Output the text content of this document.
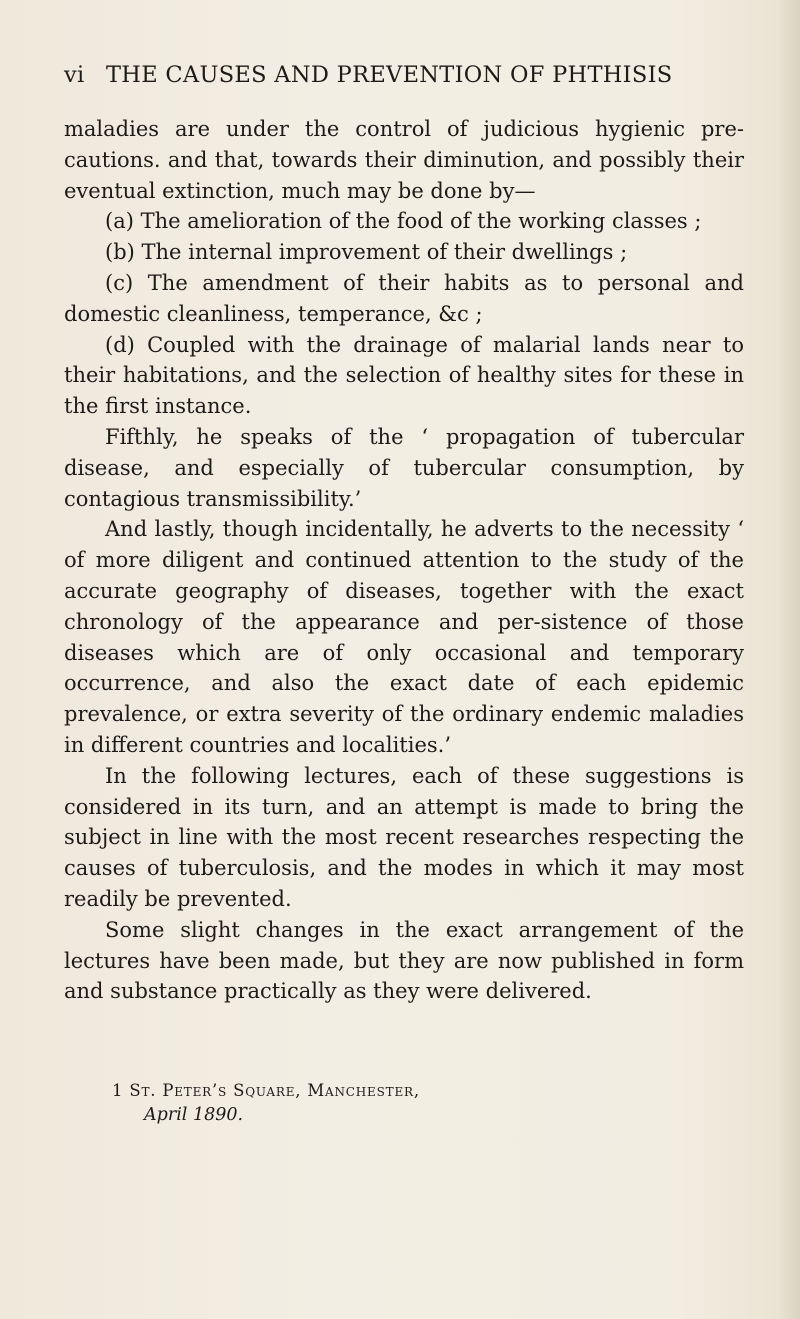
vi THE CAUSES AND PREVENTION OF PHTHISIS

maladies are under the control of judicious hygienic pre-cautions. and that, towards their diminution, and possibly their eventual extinction, much may be done by—

(a) The amelioration of the food of the working classes ;

(b) The internal improvement of their dwellings ;

(c) The amendment of their habits as to personal and domestic cleanliness, temperance, &c ;

(d) Coupled with the drainage of malarial lands near to their habitations, and the selection of healthy sites for these in the first instance.

Fifthly, he speaks of the ‘ propagation of tubercular disease, and especially of tubercular consumption, by contagious transmissibility.’

And lastly, though incidentally, he adverts to the necessity ‘ of more diligent and continued attention to the study of the accurate geography of diseases, together with the exact chronology of the appearance and per-sistence of those diseases which are of only occasional and temporary occurrence, and also the exact date of each epidemic prevalence, or extra severity of the ordinary endemic maladies in different countries and localities.’

In the following lectures, each of these suggestions is considered in its turn, and an attempt is made to bring the subject in line with the most recent researches respecting the causes of tuberculosis, and the modes in which it may most readily be prevented.

Some slight changes in the exact arrangement of the lectures have been made, but they are now published in form and substance practically as they were delivered.

1 St. Peter’s Square, Manchester,
April 1890.
